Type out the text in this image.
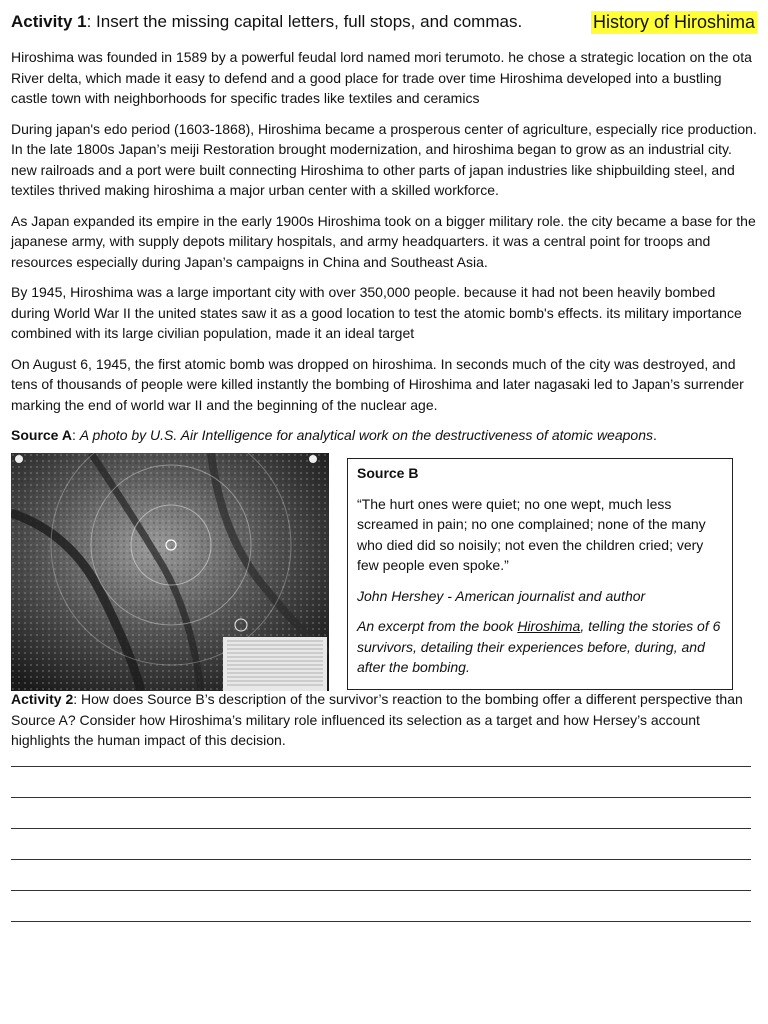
Activity 1: Insert the missing capital letters, full stops, and commas.	History of Hiroshima

Hiroshima was founded in 1589 by a powerful feudal lord named mori terumoto. he chose a strategic location on the ota River delta, which made it easy to defend and a good place for trade over time Hiroshima developed into a bustling castle town with neighborhoods for specific trades like textiles and ceramics

During japan's edo period (1603-1868), Hiroshima became a prosperous center of agriculture, especially rice production. In the late 1800s Japan’s meiji Restoration brought modernization, and hiroshima began to grow as an industrial city. new railroads and a port were built connecting Hiroshima to other parts of japan industries like shipbuilding steel, and textiles thrived making hiroshima a major urban center with a skilled workforce.

As Japan expanded its empire in the early 1900s Hiroshima took on a bigger military role. the city became a base for the japanese army, with supply depots military hospitals, and army headquarters. it was a central point for troops and resources especially during Japan’s campaigns in China and Southeast Asia.

By 1945, Hiroshima was a large important city with over 350,000 people. because it had not been heavily bombed during World War II the united states saw it as a good location to test the atomic bomb's effects. its military importance combined with its large civilian population, made it an ideal target

On August 6, 1945, the first atomic bomb was dropped on hiroshima. In seconds much of the city was destroyed, and tens of thousands of people were killed instantly the bombing of Hiroshima and later nagasaki led to Japan’s surrender marking the end of world war II and the beginning of the nuclear age.

Source A: A photo by U.S. Air Intelligence for analytical work on the destructiveness of atomic weapons.

Source B

“The hurt ones were quiet; no one wept, much less screamed in pain; no one complained; none of the many who died did so noisily; not even the children cried; very few people even spoke.”

John Hershey - American journalist and author

An excerpt from the book Hiroshima, telling the stories of 6 survivors, detailing their experiences before, during, and after the bombing.

Activity 2: How does Source B’s description of the survivor’s reaction to the bombing offer a different perspective than Source A? Consider how Hiroshima’s military role influenced its selection as a target and how Hersey’s account highlights the human impact of this decision.
